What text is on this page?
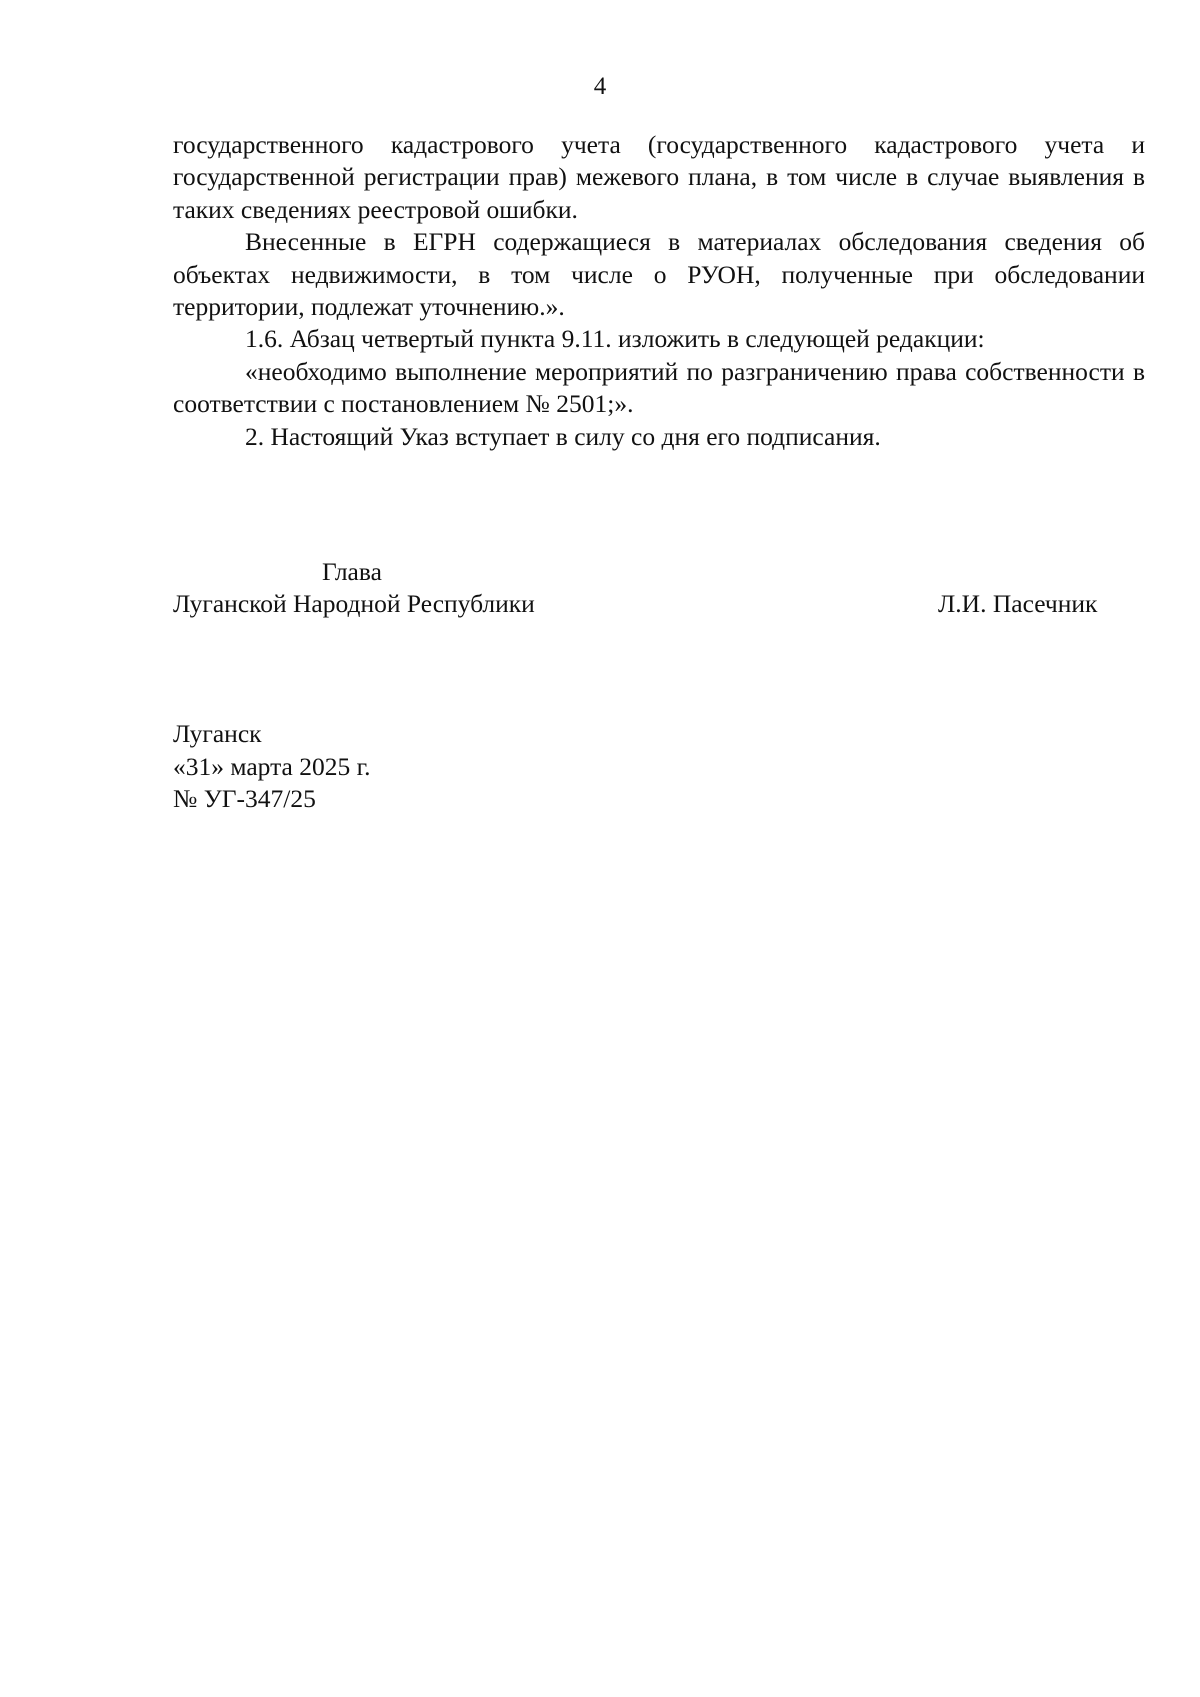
4

государственного кадастрового учета (государственного кадастрового учета и государственной регистрации прав) межевого плана, в том числе в случае выявления в таких сведениях реестровой ошибки.

Внесенные в ЕГРН содержащиеся в материалах обследования сведения об объектах недвижимости, в том числе о РУОН, полученные при обследовании территории, подлежат уточнению.».

1.6. Абзац четвертый пункта 9.11. изложить в следующей редакции:

«необходимо выполнение мероприятий по разграничению права собственности в соответствии с постановлением № 2501;».

2. Настоящий Указ вступает в силу со дня его подписания.

Глава
Луганской Народной Республики	Л.И. Пасечник
Луганск
«31» марта 2025 г.
№ УГ-347/25
